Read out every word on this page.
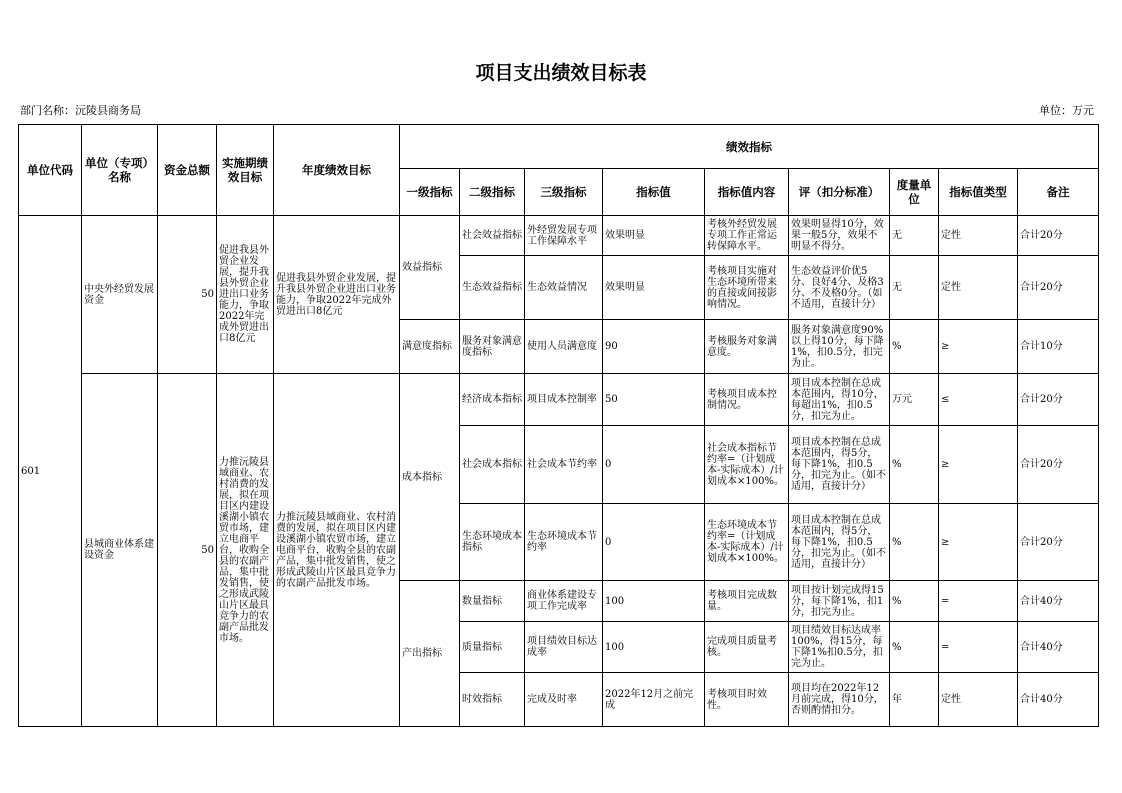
项目支出绩效目标表
部门名称：沅陵县商务局	单位：万元
单位代码	单位（专项）名称	资金总额	实施期绩效目标	年度绩效目标	绩效指标								
					一级指标	二级指标	三级指标	指标值	指标值内容	评（扣分标准）	度量单位	指标值类型	备注
601	中央外经贸发展资金	50	促进我县外贸企业发展，提升我县外贸企业进出口业务能力，争取2022年完成外贸进出口8亿元	促进我县外贸企业发展，提升我县外贸企业进出口业务能力，争取2022年完成外贸进出口8亿元	效益指标	社会效益指标	外经贸发展专项工作保障水平	效果明显	考核外经贸发展专项工作正常运转保障水平。	效果明显得10分，效果一般5分，效果不明显不得分。	无	定性	合计20分
						生态效益指标	生态效益情况	效果明显	考核项目实施对生态环境所带来的直接或间接影响情况。	生态效益评价优5分、良好4分、及格3分、不及格0分。（如不适用，直接计分）	无	定性	合计20分
					满意度指标	服务对象满意度指标	使用人员满意度	90	考核服务对象满意度。	服务对象满意度90%以上得10分，每下降1%，扣0.5分，扣完为止。	%	≥	合计10分
	县城商业体系建设资金	50	力推沅陵县域商业、农村消费的发展，拟在项目区内建设溪湖小镇农贸市场，建立电商平台，收购全县的农副产品，集中批发销售，使之形成武陵山片区最具竞争力的农副产品批发市场。	力推沅陵县域商业、农村消费的发展，拟在项目区内建设溪湖小镇农贸市场，建立电商平台，收购全县的农副产品，集中批发销售，使之形成武陵山片区最具竞争力的农副产品批发市场。	成本指标	经济成本指标	项目成本控制率	50	考核项目成本控制情况。	项目成本控制在总成本范围内，得10分，每超出1%，扣0.5分，扣完为止。	万元	≤	合计20分
						社会成本指标	社会成本节约率	0	社会成本指标节约率=（计划成本-实际成本）/计划成本×100%。	项目成本控制在总成本范围内，得5分，每下降1%，扣0.5分，扣完为止。（如不适用，直接计分）	%	≥	合计20分
						生态环境成本指标	生态环境成本节约率	0	生态环境成本节约率=（计划成本-实际成本）/计划成本×100%。	项目成本控制在总成本范围内，得5分，每下降1%，扣0.5分，扣完为止。（如不适用，直接计分）	%	≥	合计20分
					产出指标	数量指标	商业体系建设专项工作完成率	100	考核项目完成数量。	项目按计划完成得15分，每下降1%，扣1分，扣完为止。	%	=	合计40分
						质量指标	项目绩效目标达成率	100	完成项目质量考核。	项目绩效目标达成率100%，得15分，每下降1%扣0.5分，扣完为止。	%	=	合计40分
						时效指标	完成及时率	2022年12月之前完成	考核项目时效性。	项目均在2022年12月前完成，得10分，否则酌情扣分。	年	定性	合计40分
